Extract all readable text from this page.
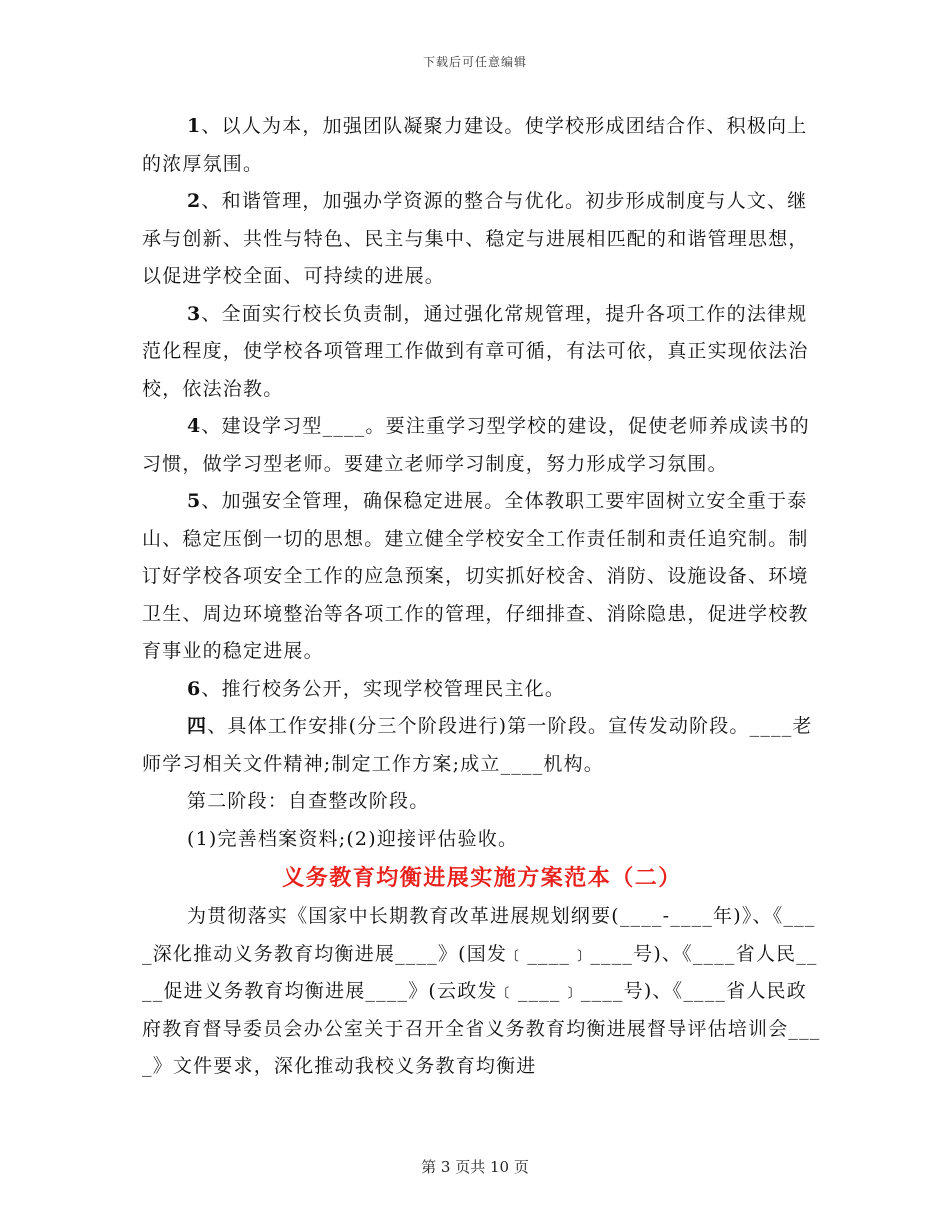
下载后可任意编辑

1、以人为本，加强团队凝聚力建设。使学校形成团结合作、积极向上的浓厚氛围。

2、和谐管理，加强办学资源的整合与优化。初步形成制度与人文、继承与创新、共性与特色、民主与集中、稳定与进展相匹配的和谐管理思想，以促进学校全面、可持续的进展。

3、全面实行校长负责制，通过强化常规管理，提升各项工作的法律规范化程度，使学校各项管理工作做到有章可循，有法可依，真正实现依法治校，依法治教。

4、建设学习型____。要注重学习型学校的建设，促使老师养成读书的习惯，做学习型老师。要建立老师学习制度，努力形成学习氛围。

5、加强安全管理，确保稳定进展。全体教职工要牢固树立安全重于泰山、稳定压倒一切的思想。建立健全学校安全工作责任制和责任追究制。制订好学校各项安全工作的应急预案，切实抓好校舍、消防、设施设备、环境卫生、周边环境整治等各项工作的管理，仔细排查、消除隐患，促进学校教育事业的稳定进展。

6、推行校务公开，实现学校管理民主化。

四、具体工作安排(分三个阶段进行)第一阶段。宣传发动阶段。____老师学习相关文件精神;制定工作方案;成立____机构。

第二阶段：自查整改阶段。

(1)完善档案资料;(2)迎接评估验收。

义务教育均衡进展实施方案范本（二）

为贯彻落实《国家中长期教育改革进展规划纲要(____-____年)》、《____深化推动义务教育均衡进展____》(国发﹝____﹞____号)、《____省人民____促进义务教育均衡进展____》(云政发﹝____﹞____号)、《____省人民政府教育督导委员会办公室关于召开全省义务教育均衡进展督导评估培训会____》文件要求，深化推动我校义务教育均衡进

第 3 页共 10 页
